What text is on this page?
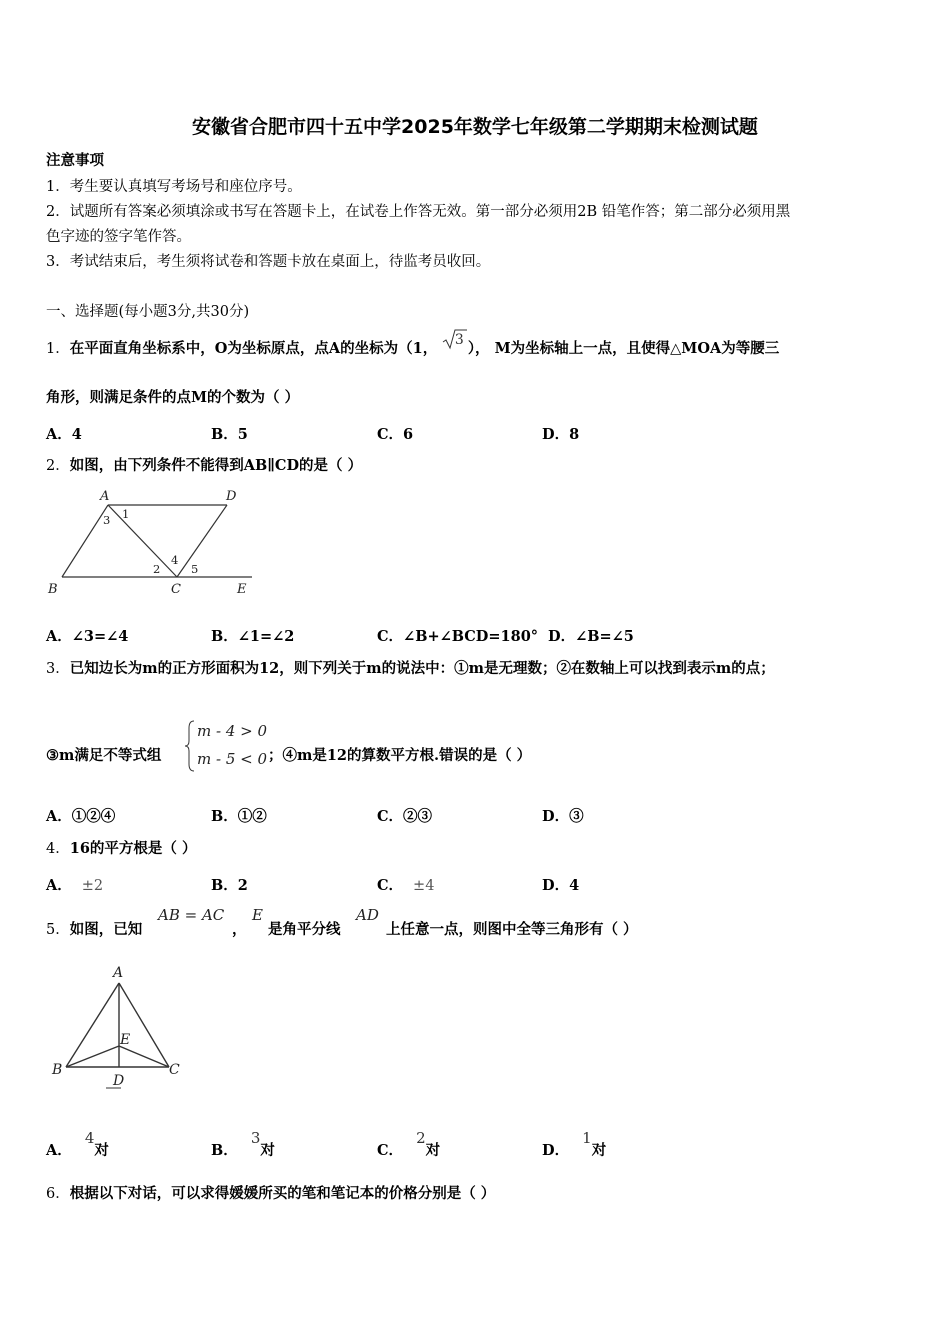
安徽省合肥市四十五中学2025年数学七年级第二学期期末检测试题
注意事项
1．考生要认真填写考场号和座位序号。
2．试题所有答案必须填涂或书写在答题卡上，在试卷上作答无效。第一部分必须用2B 铅笔作答；第二部分必须用黑
色字迹的签字笔作答。
3．考试结束后，考生须将试卷和答题卡放在桌面上，待监考员收回。
一、选择题(每小题3分,共30分)
1．在平面直角坐标系中，O为坐标原点，点A的坐标为（1， 3 ）， M为坐标轴上一点，且使得△MOA为等腰三
角形，则满足条件的点M的个数为（ ）
A．4	B．5	C．6	D．8
2．如图，由下列条件不能得到AB∥CD的是（ ）
A	D
B	C	E
1
2
3
4
5
A．∠3=∠4	B．∠1=∠2	C．∠B+∠BCD=180° D．∠B=∠5
3．已知边长为m的正方形面积为12，则下列关于m的说法中：①m是无理数；②在数轴上可以找到表示m的点；
③m满足不等式组
m - 4 > 0
m - 5 < 0 ；④m是12的算数平方根.错误的是（ ）
A．①②④	B．①②	C．②③	D．③
4．16的平方根是（ ）
A． ±2	B．2	C． ±4	D．4
5．如图，已知
AB = AC
，
E
是角平分线
AD
上任意一点，则图中全等三角形有（ ）
A
B	C
E
D
A． 4对	B． 3对	C． 2对	D． 1对
6．根据以下对话，可以求得媛媛所买的笔和笔记本的价格分别是（ ）
